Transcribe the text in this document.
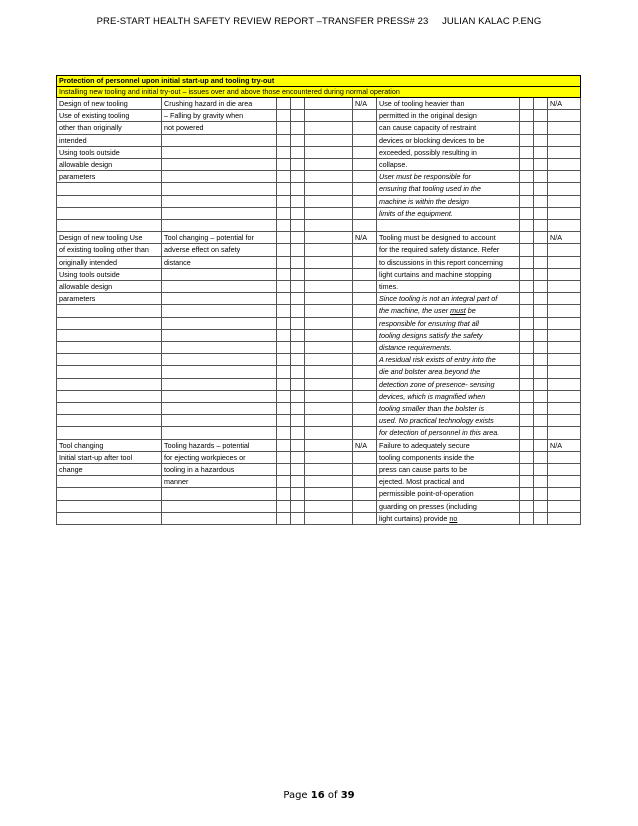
PRE-START HEALTH SAFETY REVIEW REPORT –TRANSFER PRESS# 23     JULIAN KALAC P.ENG
Protection of personnel upon initial start-up and tooling try-out									
Installing new tooling and initial try-out – issues over and above those encountered during normal operation									
Design of new tooling	Crushing hazard in die area				N/A	Use of tooling heavier than			N/A
Use of existing tooling	– Falling by gravity when					permitted in the original design			
other than originally	not powered					can cause capacity of restraint			
intended						devices or blocking devices to be			
Using tools outside						exceeded, possibly resulting in			
allowable design						collapse.			
parameters						User must be responsible for			
						ensuring that tooling used in the			
						machine is within the design			
						limits of the equipment.			

Design of new tooling Use	Tool changing – potential for				N/A	Tooling must be designed to account			N/A
of existing tooling other than	adverse effect on safety					for the required safety distance. Refer			
originally intended	distance					to discussions in this report concerning			
Using tools outside						light curtains and machine stopping			
allowable design						times.			
parameters						Since tooling is not an integral part of			
						the machine, the user must be			
						responsible for ensuring that all			
						tooling designs satisfy the safety			
						distance requirements.			
						A residual risk exists of entry into the			
						die and bolster area beyond the			
						detection zone of presence- sensing			
						devices, which is magnified when			
						tooling smaller than the bolster is			
						used. No practical technology exists			
						for detection of personnel in this area.			
Tool changing	Tooling hazards – potential				N/A	Failure to adequately secure			N/A
Initial start-up after tool	for ejecting workpieces or					tooling components inside the			
change	tooling in a hazardous					press can cause parts to be			
	manner					ejected. Most practical and			
						permissible point-of-operation			
						guarding on presses (including			
						light curtains) provide no			
Page 16 of 39
